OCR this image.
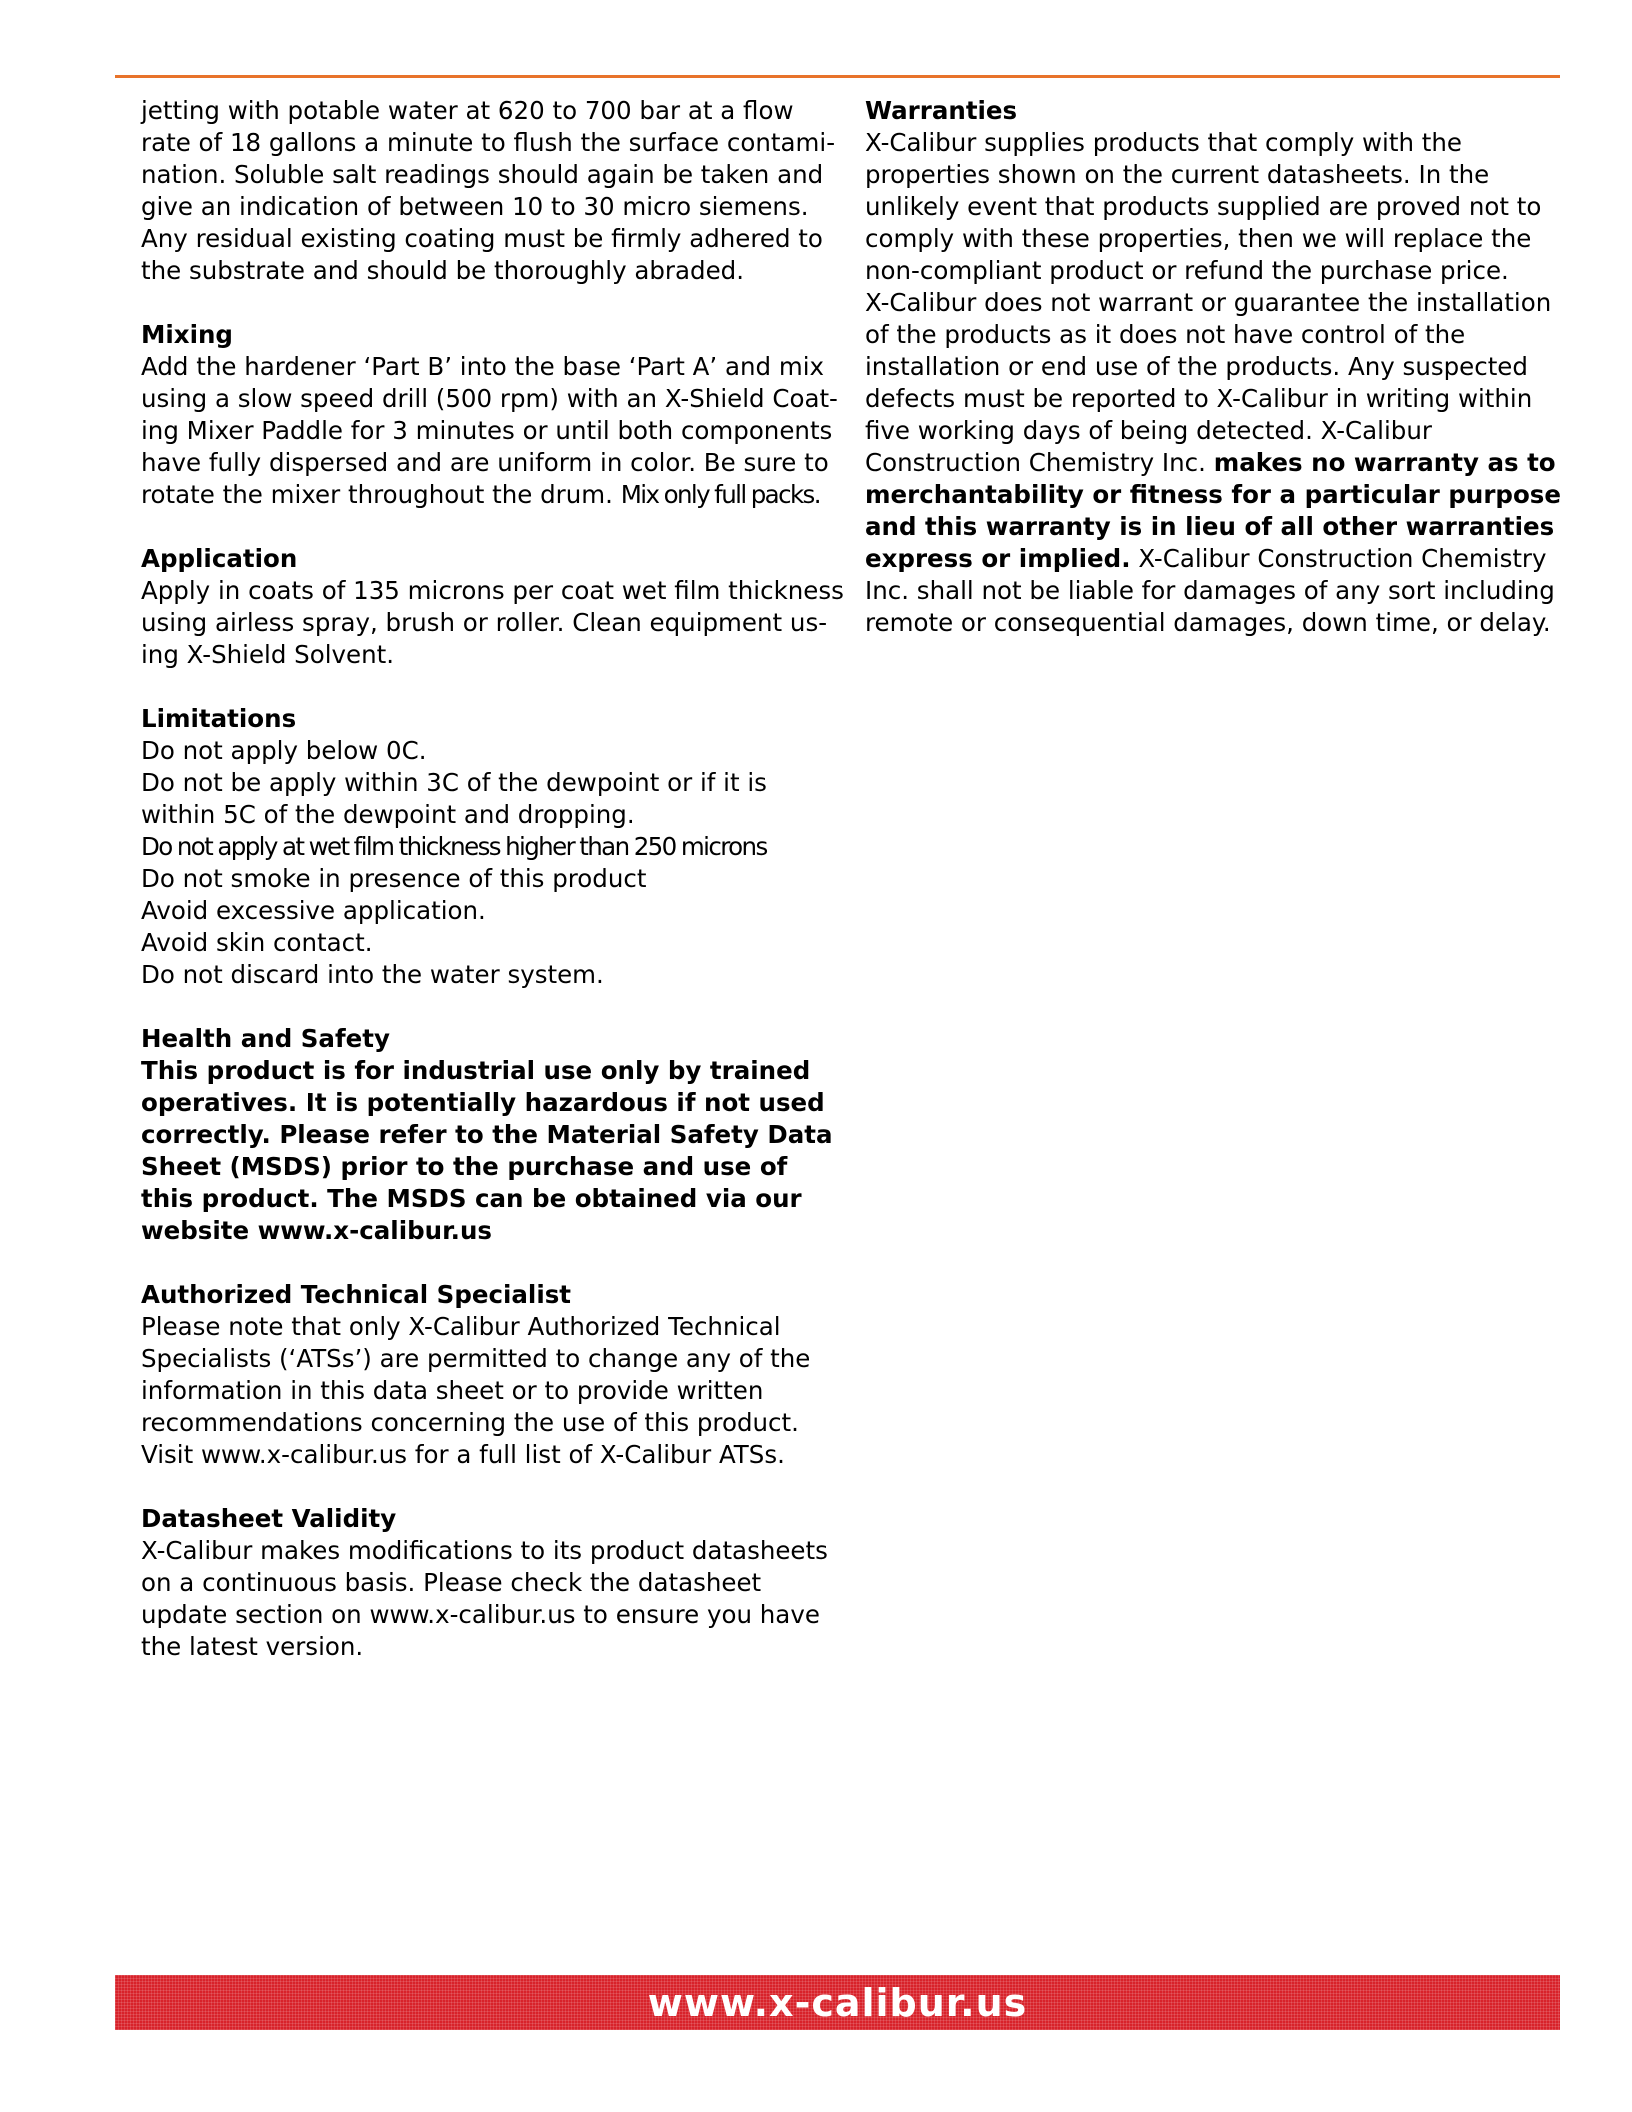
jetting with potable water at 620 to 700 bar at a flow
rate of 18 gallons a minute to flush the surface contami-
nation. Soluble salt readings should again be taken and
give an indication of between 10 to 30 micro siemens.
Any residual existing coating must be firmly adhered to
the substrate and should be thoroughly abraded.
Mixing
Add the hardener ‘Part B’ into the base ‘Part A’ and mix
using a slow speed drill (500 rpm) with an X-Shield Coat-
ing Mixer Paddle for 3 minutes or until both components
have fully dispersed and are uniform in color. Be sure to
rotate the mixer throughout the drum. Mix only full packs.
Application
Apply in coats of 135 microns per coat wet film thickness
using airless spray, brush or roller. Clean equipment us-
ing X-Shield Solvent.
Limitations
Do not apply below 0C.
Do not be apply within 3C of the dewpoint or if it is
within 5C of the dewpoint and dropping.
Do not apply at wet film thickness higher than 250 microns
Do not smoke in presence of this product
Avoid excessive application.
Avoid skin contact.
Do not discard into the water system.
Health and Safety
This product is for industrial use only by trained
operatives. It is potentially hazardous if not used
correctly. Please refer to the Material Safety Data
Sheet (MSDS) prior to the purchase and use of
this product. The MSDS can be obtained via our
website www.x-calibur.us
Authorized Technical Specialist
Please note that only X-Calibur Authorized Technical
Specialists (‘ATSs’) are permitted to change any of the
information in this data sheet or to provide written
recommendations concerning the use of this product.
Visit www.x-calibur.us for a full list of X-Calibur ATSs.
Datasheet Validity
X-Calibur makes modifications to its product datasheets
on a continuous basis. Please check the datasheet
update section on www.x-calibur.us to ensure you have
the latest version.
Warranties
X-Calibur supplies products that comply with the
properties shown on the current datasheets. In the
unlikely event that products supplied are proved not to
comply with these properties, then we will replace the
non-compliant product or refund the purchase price.
X-Calibur does not warrant or guarantee the installation
of the products as it does not have control of the
installation or end use of the products. Any suspected
defects must be reported to X-Calibur in writing within
five working days of being detected. X-Calibur
Construction Chemistry Inc. makes no warranty as to
merchantability or fitness for a particular purpose
and this warranty is in lieu of all other warranties
express or implied. X-Calibur Construction Chemistry
Inc. shall not be liable for damages of any sort including
remote or consequential damages, down time, or delay.
www.x-calibur.us
